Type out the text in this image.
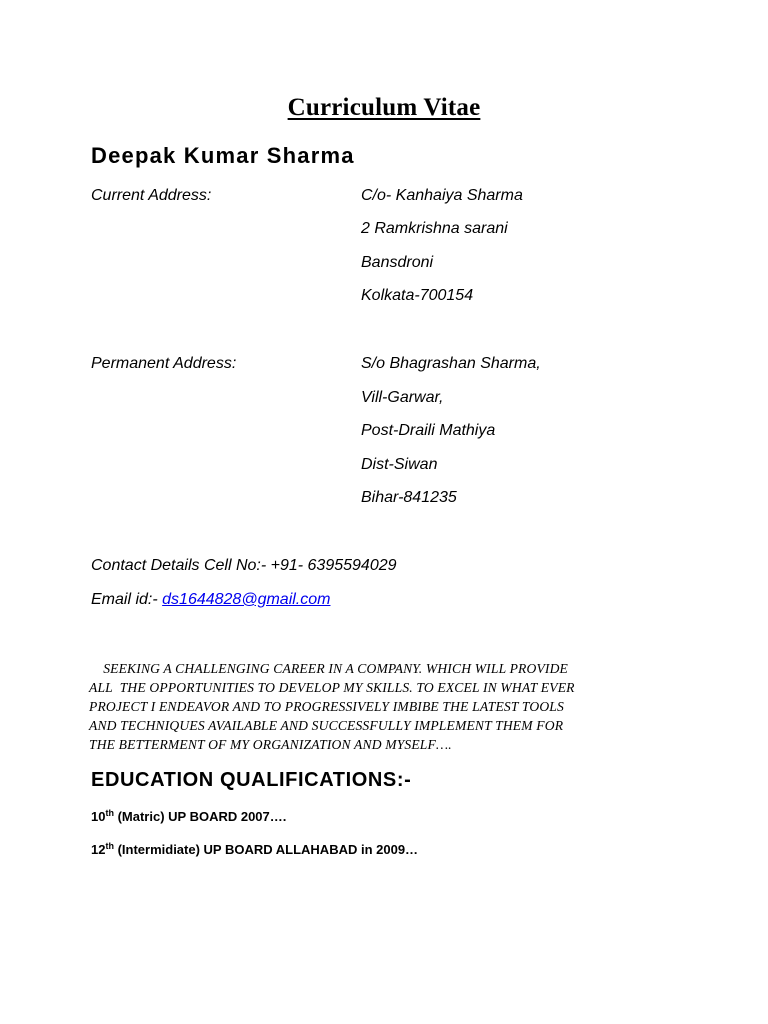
Curriculum Vitae
Deepak Kumar Sharma
Current Address:	C/o- Kanhaiya Sharma
2 Ramkrishna sarani
Bansdroni
Kolkata-700154
Permanent Address:	S/o Bhagrashan Sharma,
Vill-Garwar,
Post-Draili Mathiya
Dist-Siwan
Bihar-841235
Contact Details Cell No:- +91- 6395594029
Email id:- ds1644828@gmail.com
SEEKING A CHALLENGING CAREER IN A COMPANY. WHICH WILL PROVIDE
ALL  THE OPPORTUNITIES TO DEVELOP MY SKILLS. TO EXCEL IN WHAT EVER
PROJECT I ENDEAVOR AND TO PROGRESSIVELY IMBIBE THE LATEST TOOLS
AND TECHNIQUES AVAILABLE AND SUCCESSFULLY IMPLEMENT THEM FOR
THE BETTERMENT OF MY ORGANIZATION AND MYSELF….
EDUCATION QUALIFICATIONS:-
10th (Matric) UP BOARD 2007….
12th (Intermidiate) UP BOARD ALLAHABAD in 2009…
